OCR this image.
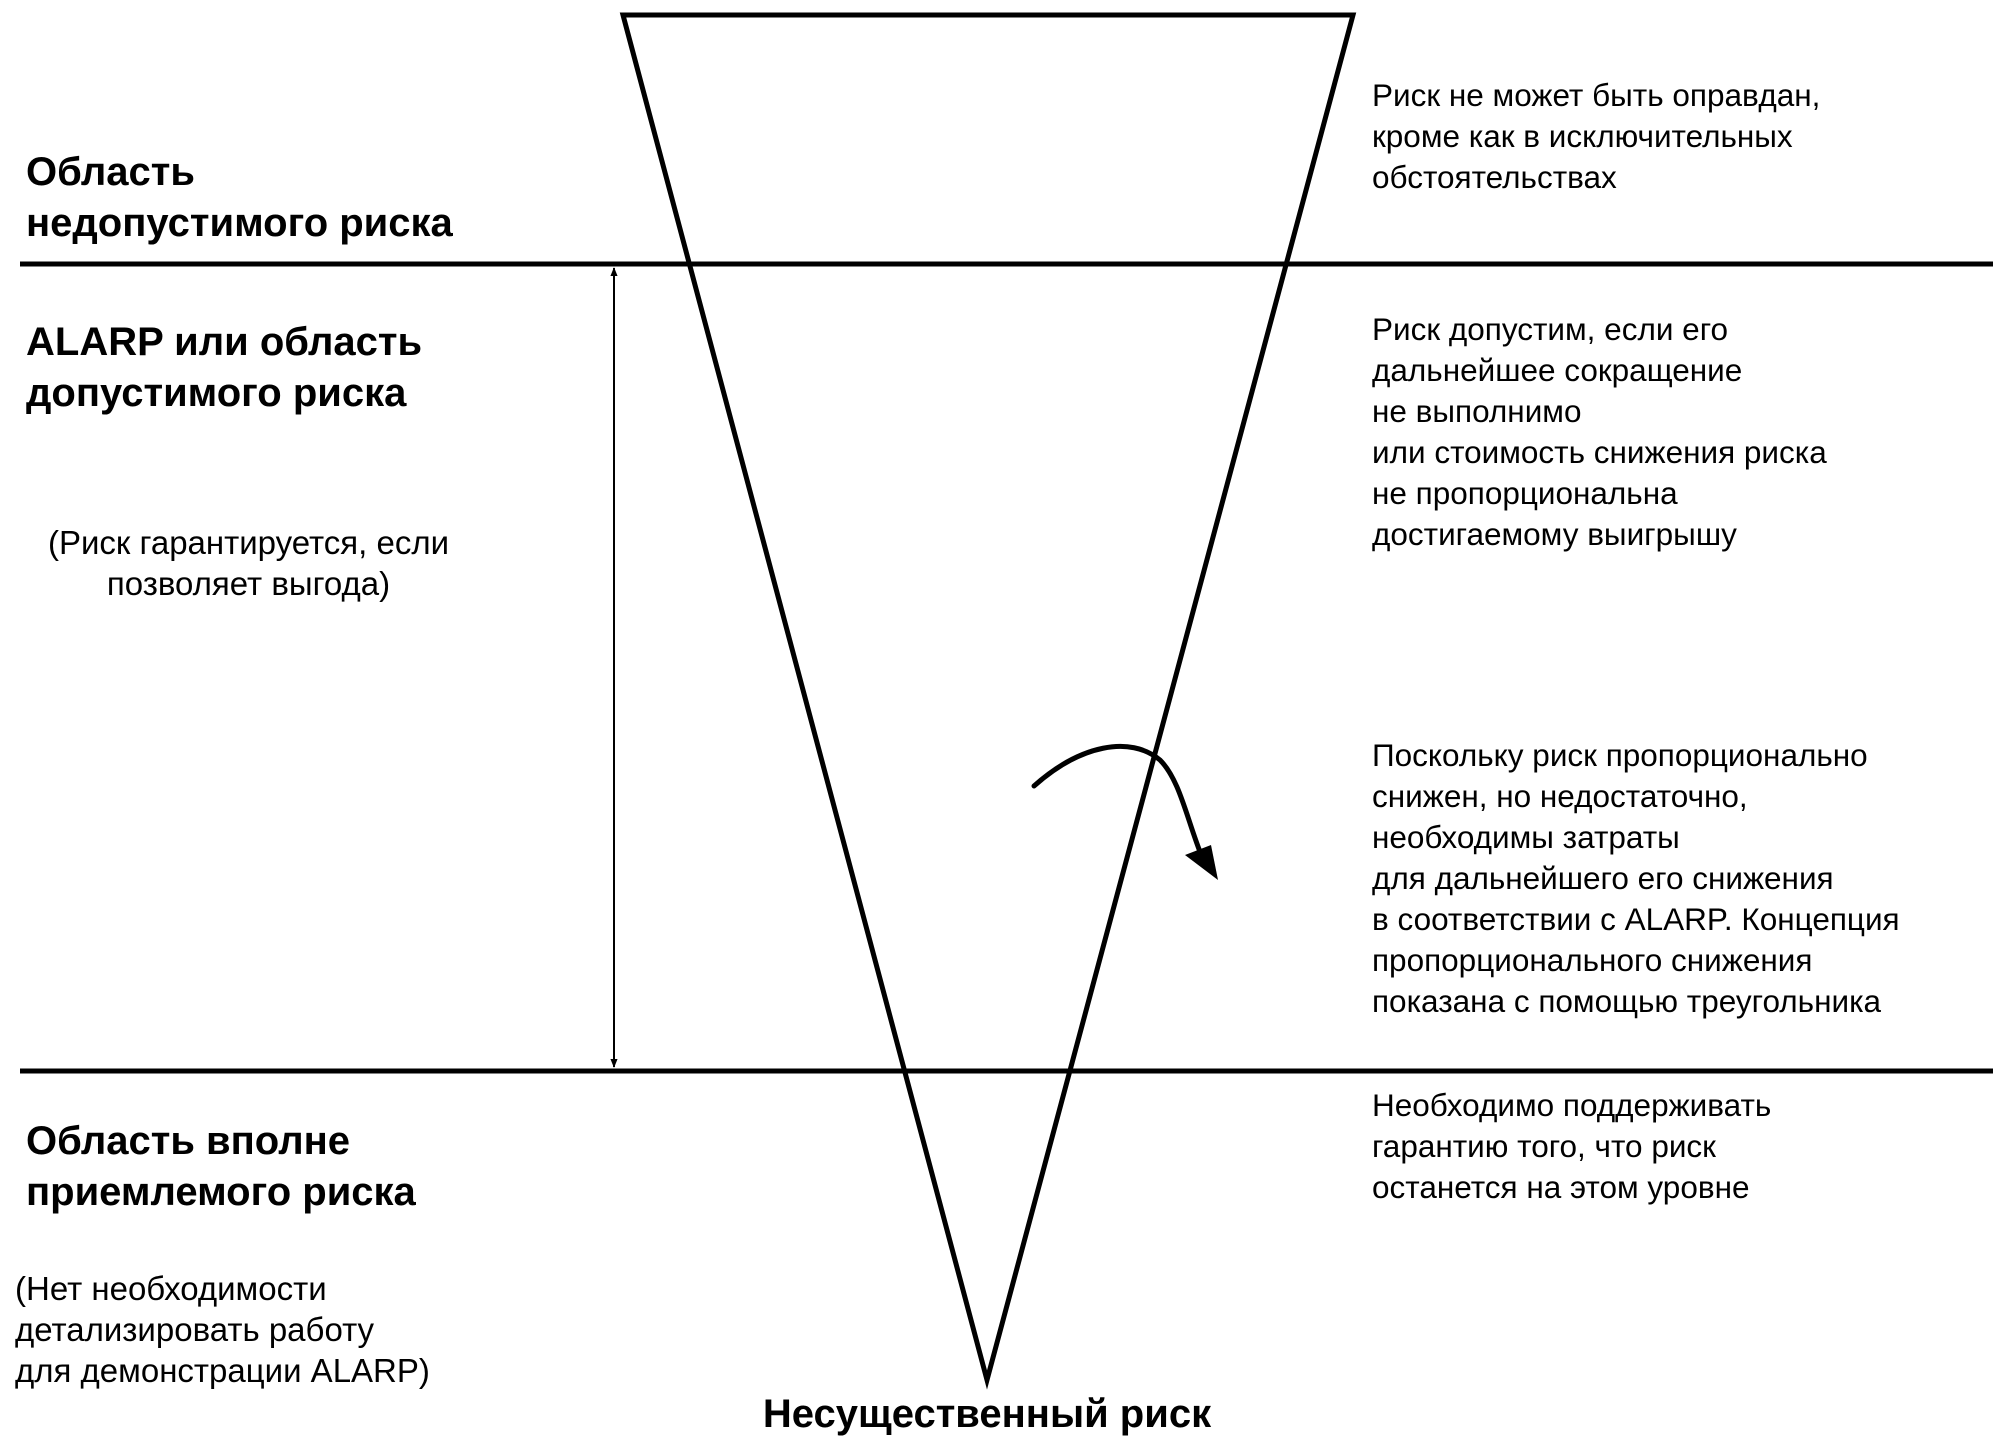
Область
недопустимого риска
ALARP или область
допустимого риска
(Риск гарантируется, если
позволяет выгода)
Область вполне
приемлемого риска
(Нет необходимости
детализировать работу
для демонстрации ALARP)
Риск не может быть оправдан,
кроме как в исключительных
обстоятельствах
Риск допустим, если его
дальнейшее сокращение
не выполнимо
или стоимость снижения риска
не пропорциональна
достигаемому выигрышу
Поскольку риск пропорционально
снижен, но недостаточно,
необходимы затраты
для дальнейшего его снижения
в соответствии с ALARP. Концепция
пропорционального снижения
показана с помощью треугольника
Необходимо поддерживать
гарантию того, что риск
останется на этом уровне
Несущественный риск
